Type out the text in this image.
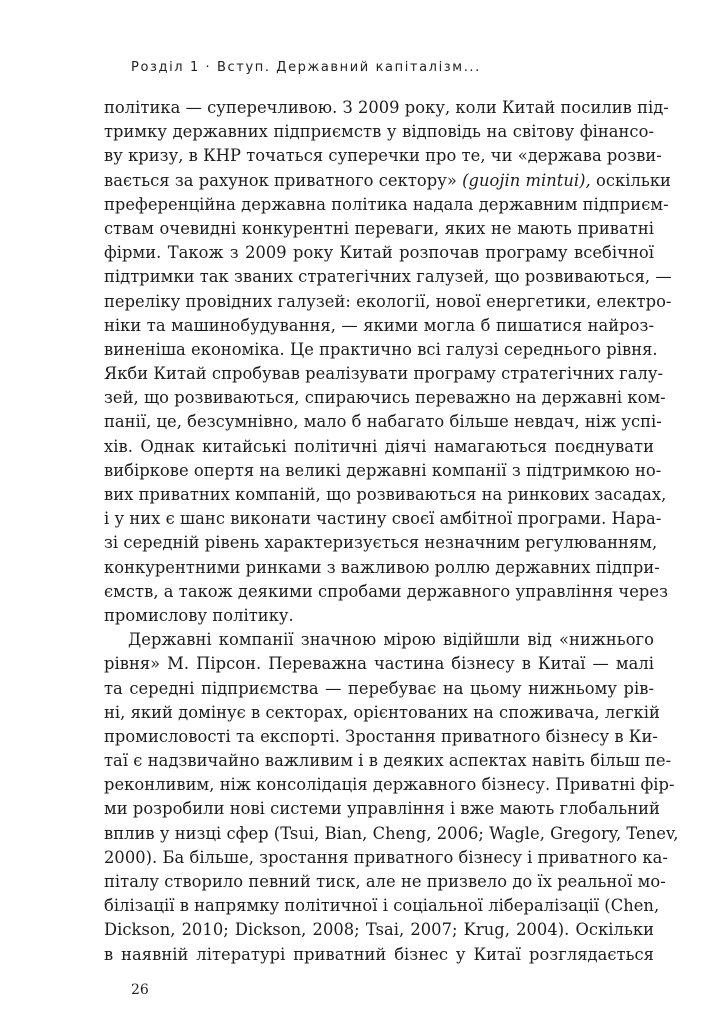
Розділ 1 · Вступ. Державний капіталізм...
політика — суперечливою. З 2009 року, коли Китай посилив під-
тримку державних підприємств у відповідь на світову фінансо-
ву кризу, в КНР точаться суперечки про те, чи «держава розви-
вається за рахунок приватного сектору» (guojin mintui), оскільки
преференційна державна політика надала державним підприєм-
ствам очевидні конкурентні переваги, яких не мають приватні
фірми. Також з 2009 року Китай розпочав програму всебічної
підтримки так званих стратегічних галузей, що розвиваються, —
переліку провідних галузей: екології, нової енергетики, електро-
ніки та машинобудування, — якими могла б пишатися найроз-
виненіша економіка. Це практично всі галузі середнього рівня.
Якби Китай спробував реалізувати програму стратегічних галу-
зей, що розвиваються, спираючись переважно на державні ком-
панії, це, безсумнівно, мало б набагато більше невдач, ніж успі-
хів. Однак китайські політичні діячі намагаються поєднувати
вибіркове опертя на великі державні компанії з підтримкою но-
вих приватних компаній, що розвиваються на ринкових засадах,
і у них є шанс виконати частину своєї амбітної програми. Нара-
зі середній рівень характеризується незначним регулюванням,
конкурентними ринками з важливою роллю державних підпри-
ємств, а також деякими спробами державного управління через
промислову політику.
Державні компанії значною мірою відійшли від «нижнього
рівня» М. Пірсон. Переважна частина бізнесу в Китаї — малі
та середні підприємства — перебуває на цьому нижньому рів-
ні, який домінує в секторах, орієнтованих на споживача, легкій
промисловості та експорті. Зростання приватного бізнесу в Ки-
таї є надзвичайно важливим і в деяких аспектах навіть більш пе-
реконливим, ніж консолідація державного бізнесу. Приватні фір-
ми розробили нові системи управління і вже мають глобальний
вплив у низці сфер (Tsui, Bian, Cheng, 2006; Wagle, Gregory, Tenev,
2000). Ба більше, зростання приватного бізнесу і приватного ка-
піталу створило певний тиск, але не призвело до їх реальної мо-
білізації в напрямку політичної і соціальної лібералізації (Chen,
Dickson, 2010; Dickson, 2008; Tsai, 2007; Krug, 2004). Оскільки
в наявній літературі приватний бізнес у Китаї розглядається
26
